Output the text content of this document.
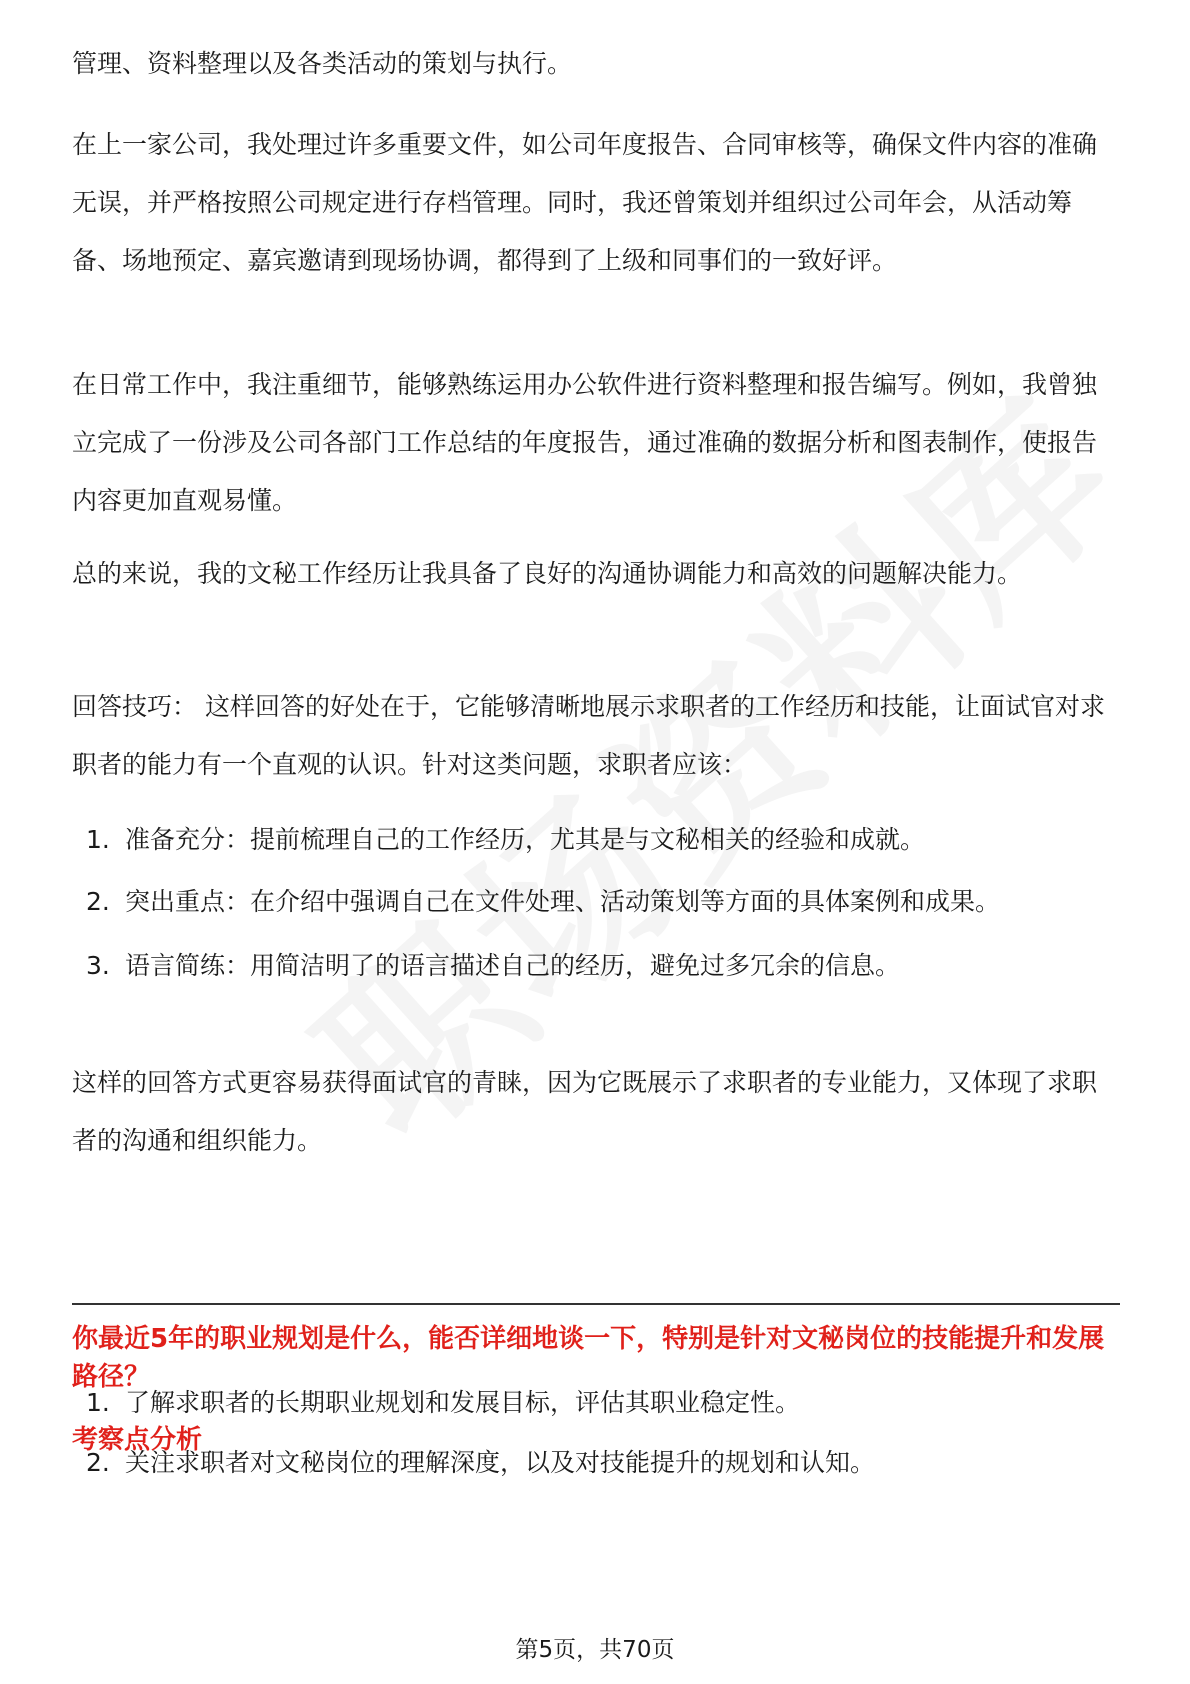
管理、资料整理以及各类活动的策划与执行。

在上一家公司，我处理过许多重要文件，如公司年度报告、合同审核等，确保文件内容的准确无误，并严格按照公司规定进行存档管理。同时，我还曾策划并组织过公司年会，从活动筹备、场地预定、嘉宾邀请到现场协调，都得到了上级和同事们的一致好评。

在日常工作中，我注重细节，能够熟练运用办公软件进行资料整理和报告编写。例如，我曾独立完成了一份涉及公司各部门工作总结的年度报告，通过准确的数据分析和图表制作，使报告内容更加直观易懂。

总的来说，我的文秘工作经历让我具备了良好的沟通协调能力和高效的问题解决能力。

回答技巧： 这样回答的好处在于，它能够清晰地展示求职者的工作经历和技能，让面试官对求职者的能力有一个直观的认识。针对这类问题，求职者应该：

1. 准备充分：提前梳理自己的工作经历，尤其是与文秘相关的经验和成就。
2. 突出重点：在介绍中强调自己在文件处理、活动策划等方面的具体案例和成果。
3. 语言简练：用简洁明了的语言描述自己的经历，避免过多冗余的信息。

这样的回答方式更容易获得面试官的青睐，因为它既展示了求职者的专业能力，又体现了求职者的沟通和组织能力。

你最近5年的职业规划是什么，能否详细地谈一下，特别是针对文秘岗位的技能提升和发展路径？
考察点分析
1. 了解求职者的长期职业规划和发展目标，评估其职业稳定性。
2. 关注求职者对文秘岗位的理解深度，以及对技能提升的规划和认知。
第5页，共70页
